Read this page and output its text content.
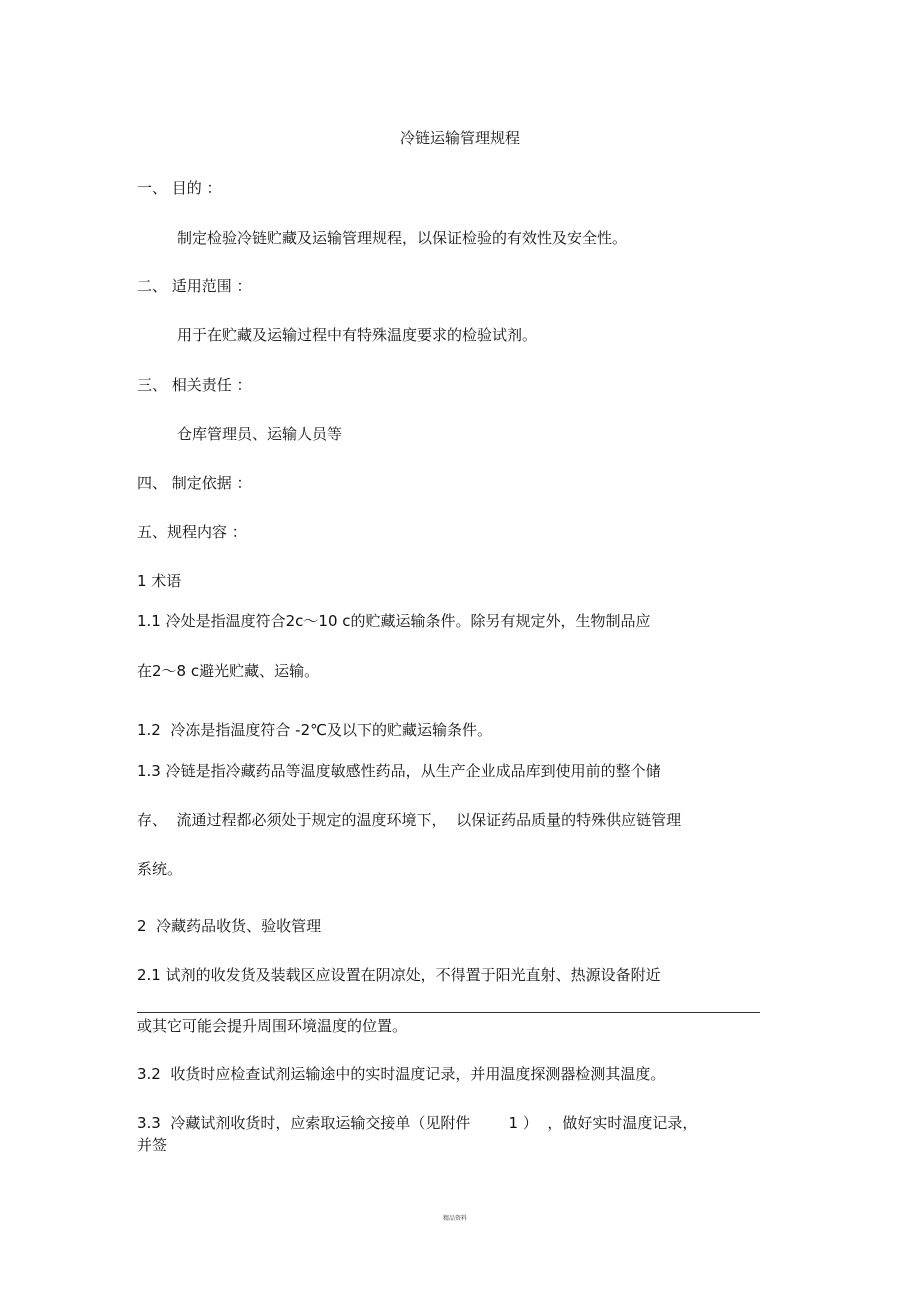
冷链运输管理规程

一、 目的 ：

制定检验冷链贮藏及运输管理规程，以保证检验的有效性及安全性。

二、 适用范围 ：

用于在贮藏及运输过程中有特殊温度要求的检验试剂。

三、 相关责任 ：

仓库管理员、运输人员等

四、 制定依据 ：

五、规程内容 ：

1 术语

1.1 冷处是指温度符合2c～10 c的贮藏运输条件。除另有规定外，生物制品应

在2～8 c避光贮藏、运输。

1.2  冷冻是指温度符合 -2℃及以下的贮藏运输条件。

1.3 冷链是指冷藏药品等温度敏感性药品，从生产企业成品库到使用前的整个储

存、  流通过程都必须处于规定的温度环境下，  以保证药品质量的特殊供应链管理

系统。

2  冷藏药品收货、验收管理

2.1 试剂的收发货及装载区应设置在阴凉处，不得置于阳光直射、热源设备附近

或其它可能会提升周围环境温度的位置。

3.2  收货时应检查试剂运输途中的实时温度记录，并用温度探测器检测其温度。

3.3  冷藏试剂收货时，应索取运输交接单（见附件        1 ）  ，做好实时温度记录，

并签

精品资料
